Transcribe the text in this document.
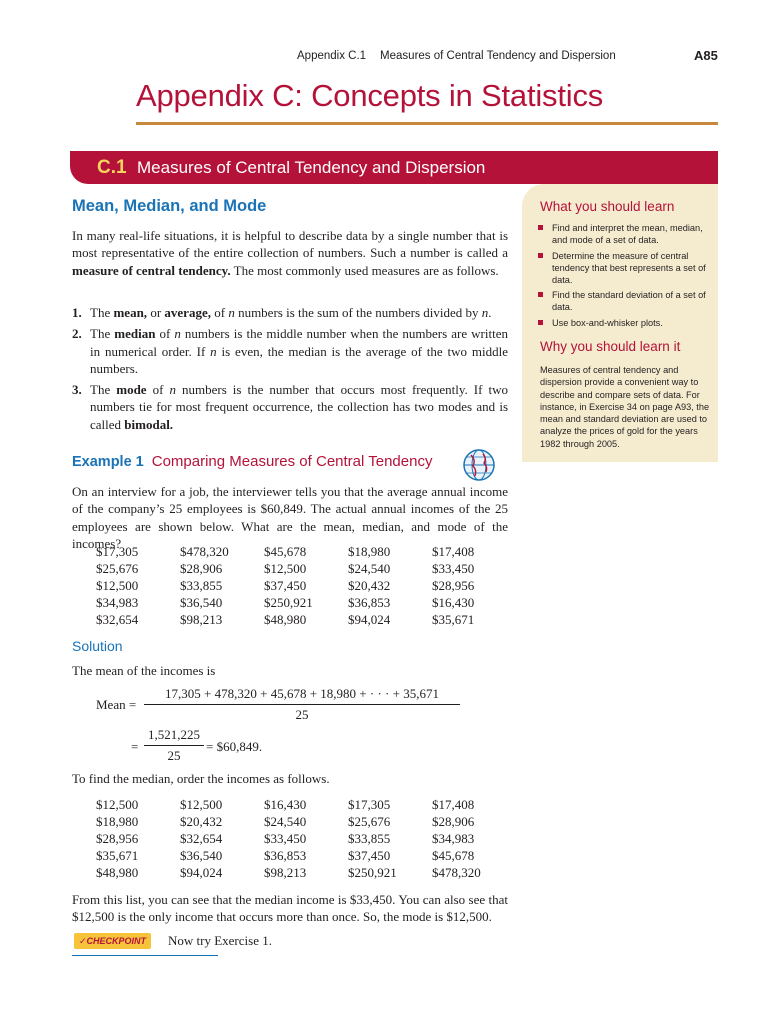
Appendix C.1 Measures of Central Tendency and Dispersion	A85
Appendix C: Concepts in Statistics
C.1 Measures of Central Tendency and Dispersion
What you should learn
Find and interpret the mean, median, and mode of a set of data.
Determine the measure of central tendency that best represents a set of data.
Find the standard deviation of a set of data.
Use box-and-whisker plots.
Why you should learn it

Measures of central tendency and dispersion provide a convenient way to describe and compare sets of data. For instance, in Exercise 34 on page A93, the mean and standard deviation are used to analyze the prices of gold for the years 1982 through 2005.

Mean, Median, and Mode

In many real-life situations, it is helpful to describe data by a single number that is most representative of the entire collection of numbers. Such a number is called a measure of central tendency. The most commonly used measures are as follows.

1. The mean, or average, of n numbers is the sum of the numbers divided by n.
2. The median of n numbers is the middle number when the numbers are written in numerical order. If n is even, the median is the average of the two middle numbers.
3. The mode of n numbers is the number that occurs most frequently. If two numbers tie for most frequent occurrence, the collection has two modes and is called bimodal.
Example 1 Comparing Measures of Central Tendency

On an interview for a job, the interviewer tells you that the average annual income of the company’s 25 employees is $60,849. The actual annual incomes of the 25 employees are shown below. What are the mean, median, and mode of the incomes?

$17,305	$478,320	$45,678	$18,980	$17,408
$25,676	$28,906	$12,500	$24,540	$33,450
$12,500	$33,855	$37,450	$20,432	$28,956
$34,983	$36,540	$250,921	$36,853	$16,430
$32,654	$98,213	$48,980	$94,024	$35,671
Solution

The mean of the incomes is

Mean =
17,305 + 478,320 + 45,678 + 18,980 + · · · + 35,671
25
=
1,521,225
25
= $60,849.

To find the median, order the incomes as follows.

$12,500	$12,500	$16,430	$17,305	$17,408
$18,980	$20,432	$24,540	$25,676	$28,906
$28,956	$32,654	$33,450	$33,855	$34,983
$35,671	$36,540	$36,853	$37,450	$45,678
$48,980	$94,024	$98,213	$250,921	$478,320

From this list, you can see that the median income is $33,450. You can also see that $12,500 is the only income that occurs more than once. So, the mode is $12,500.

✓CHECKPOINT	Now try Exercise 1.
